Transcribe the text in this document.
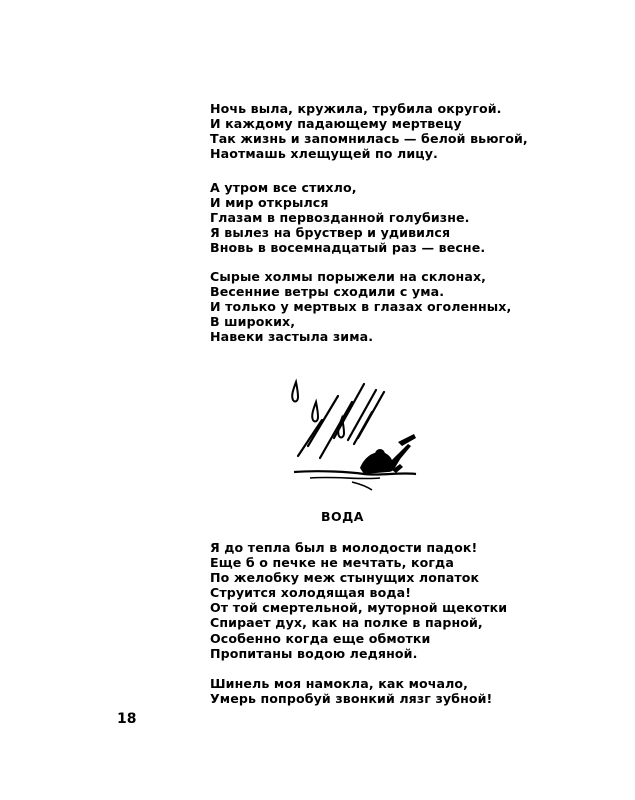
Ночь выла, кружила, трубила округой.
И каждому падающему мертвецу
Так жизнь и запомнилась — белой вьюгой,
Наотмашь хлещущей по лицу.
А утром все стихло,
И мир открылся
Глазам в первозданной голубизне.
Я вылез на бруствер и удивился
Вновь в восемнадцатый раз — весне.
Сырые холмы порыжели на склонах,
Весенние ветры сходили с ума.
И только у мертвых в глазах оголенных,
В широких,
Навеки застыла зима.
ВОДА
Я до тепла был в молодости падок!
Еще б о печке не мечтать, когда
По желобку меж стынущих лопаток
Струится холодящая вода!
От той смертельной, муторной щекотки
Спирает дух, как на полке в парной,
Особенно когда еще обмотки
Пропитаны водою ледяной.
Шинель моя намокла, как мочало,
Умерь попробуй звонкий лязг зубной!
18
